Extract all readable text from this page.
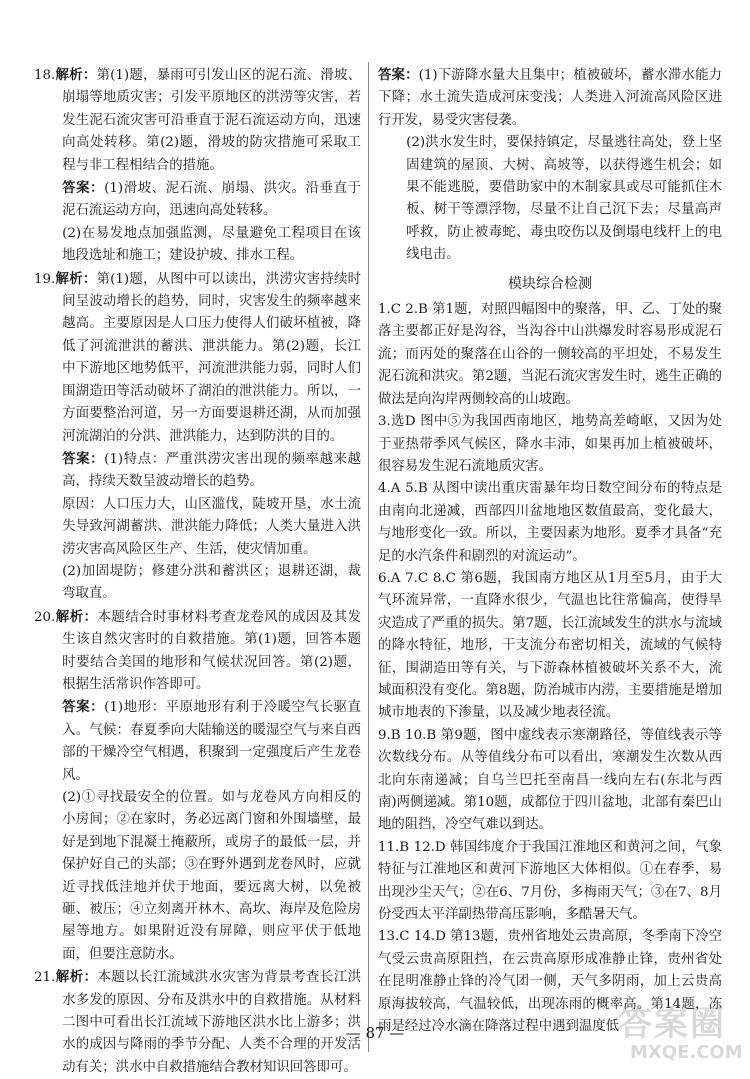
18.解析：第(1)题，暴雨可引发山区的泥石流、滑坡、崩塌等地质灾害；引发平原地区的洪涝等灾害，若发生泥石流灾害可沿垂直于泥石流运动方向，迅速向高处转移。第(2)题，滑坡的防灾措施可采取工程与非工程相结合的措施。

答案：(1)滑坡、泥石流、崩塌、洪灾。沿垂直于泥石流运动方向，迅速向高处转移。

(2)在易发地点加强监测，尽量避免工程项目在该地段选址和施工；建设护坡、排水工程。

19.解析：第(1)题，从图中可以读出，洪涝灾害持续时间呈波动增长的趋势，同时，灾害发生的频率越来越高。主要原因是人口压力使得人们破坏植被，降低了河流泄洪的蓄洪、泄洪能力。第(2)题，长江中下游地区地势低平，河流泄洪能力弱，同时人们围湖造田等活动破坏了湖泊的泄洪能力。所以，一方面要整治河道，另一方面要退耕还湖，从而加强河流湖泊的分洪、泄洪能力，达到防洪的目的。

答案：(1)特点：严重洪涝灾害出现的频率越来越高，持续天数呈波动增长的趋势。

原因：人口压力大，山区滥伐，陡坡开垦，水土流失导致河湖蓄洪、泄洪能力降低；人类大量进入洪涝灾害高风险区生产、生活，使灾情加重。

(2)加固堤防；修建分洪和蓄洪区；退耕还湖，裁弯取直。

20.解析：本题结合时事材料考查龙卷风的成因及其发生该自然灾害时的自救措施。第(1)题，回答本题时要结合美国的地形和气候状况回答。第(2)题，根据生活常识作答即可。

答案：(1)地形：平原地形有利于冷暖空气长驱直入。气候：春夏季向大陆输送的暖湿空气与来自西部的干燥冷空气相遇，积聚到一定强度后产生龙卷风。

(2)①寻找最安全的位置。如与龙卷风方向相反的小房间；②在家时，务必远离门窗和外围墙壁，最好是到地下混凝土掩蔽所，或房子的最低一层，并保护好自己的头部；③在野外遇到龙卷风时，应就近寻找低洼地并伏于地面，要远离大树，以免被砸、被压；④立刻离开林木、高坎、海岸及危险房屋等地方。如果附近没有屏障，则应平伏于低地面，但要注意防水。

21.解析：本题以长江流域洪水灾害为背景考查长江洪水多发的原因、分布及洪水中的自救措施。从材料二图中可看出长江流域下游地区洪水比上游多；洪水的成因与降雨的季节分配、人类不合理的开发活动有关；洪水中自救措施结合教材知识回答即可。

答案：(1)下游降水量大且集中；植被破坏，蓄水滞水能力下降；水土流失造成河床变浅；人类进入河流高风险区进行开发，易受灾害侵袭。

(2)洪水发生时，要保持镇定，尽量逃往高处，登上坚固建筑的屋顶、大树、高坡等，以获得逃生机会；如果不能逃脱，要借助家中的木制家具或尽可能抓住木板、树干等漂浮物，尽量不让自己沉下去；尽量高声呼救，防止被毒蛇、毒虫咬伤以及倒塌电线杆上的电线电击。

模块综合检测

1.C 2.B 第1题，对照四幅图中的聚落，甲、乙、丁处的聚落主要都正好是沟谷，当沟谷中山洪爆发时容易形成泥石流；而丙处的聚落在山谷的一侧较高的平坦处，不易发生泥石流和洪灾。第2题，当泥石流灾害发生时，逃生正确的做法是向沟岸两侧较高的山坡跑。

3.选D 图中⑤为我国西南地区，地势高差崎岖，又因为处于亚热带季风气候区，降水丰沛，如果再加上植被破坏，很容易发生泥石流地质灾害。

4.A 5.B 从图中读出重庆雷暴年均日数空间分布的特点是由南向北递减，西部四川盆地地区数值最高，变化最大，与地形变化一致。所以，主要因素为地形。夏季才具备“充足的水汽条件和剧烈的对流运动”。

6.A 7.C 8.C 第6题，我国南方地区从1月至5月，由于大气环流异常，一直降水很少，气温也比往常偏高，使得旱灾造成了严重的损失。第7题，长江流域发生的洪水与流域的降水特征，地形，干支流分布密切相关，流域的气候特征，围湖造田等有关，与下游森林植被破坏关系不大，流域面积没有变化。第8题，防治城市内涝，主要措施是增加城市地表的下渗量，以及减少地表径流。

9.B 10.B 第9题，图中虚线表示寒潮路径，等值线表示等次数线分布。从等值线分布可以看出，寒潮发生次数从西北向东南递减；自乌兰巴托至南昌一线向左右(东北与西南)两侧递减。第10题，成都位于四川盆地，北部有秦巴山地的阻挡，冷空气难以到达。

11.B 12.D 韩国纬度介于我国江淮地区和黄河之间，气象特征与江淮地区和黄河下游地区大体相似。①在春季，易出现沙尘天气；②在6、7月份，多梅雨天气；③在7、8月份受西太平洋副热带高压影响，多酷暑天气。

13.C 14.D 第13题，贵州省地处云贵高原，冬季南下冷空气受云贵高原阻挡，在云贵高原形成准静止锋，贵州省处在昆明准静止锋的冷气团一侧，天气多阴雨，加上云贵高原海拔较高，气温较低，出现冻雨的概率高。第14题，冻雨是经过冷水滴在降落过程中遇到温度低

— 87 —	答案圈
MXQE.COM
